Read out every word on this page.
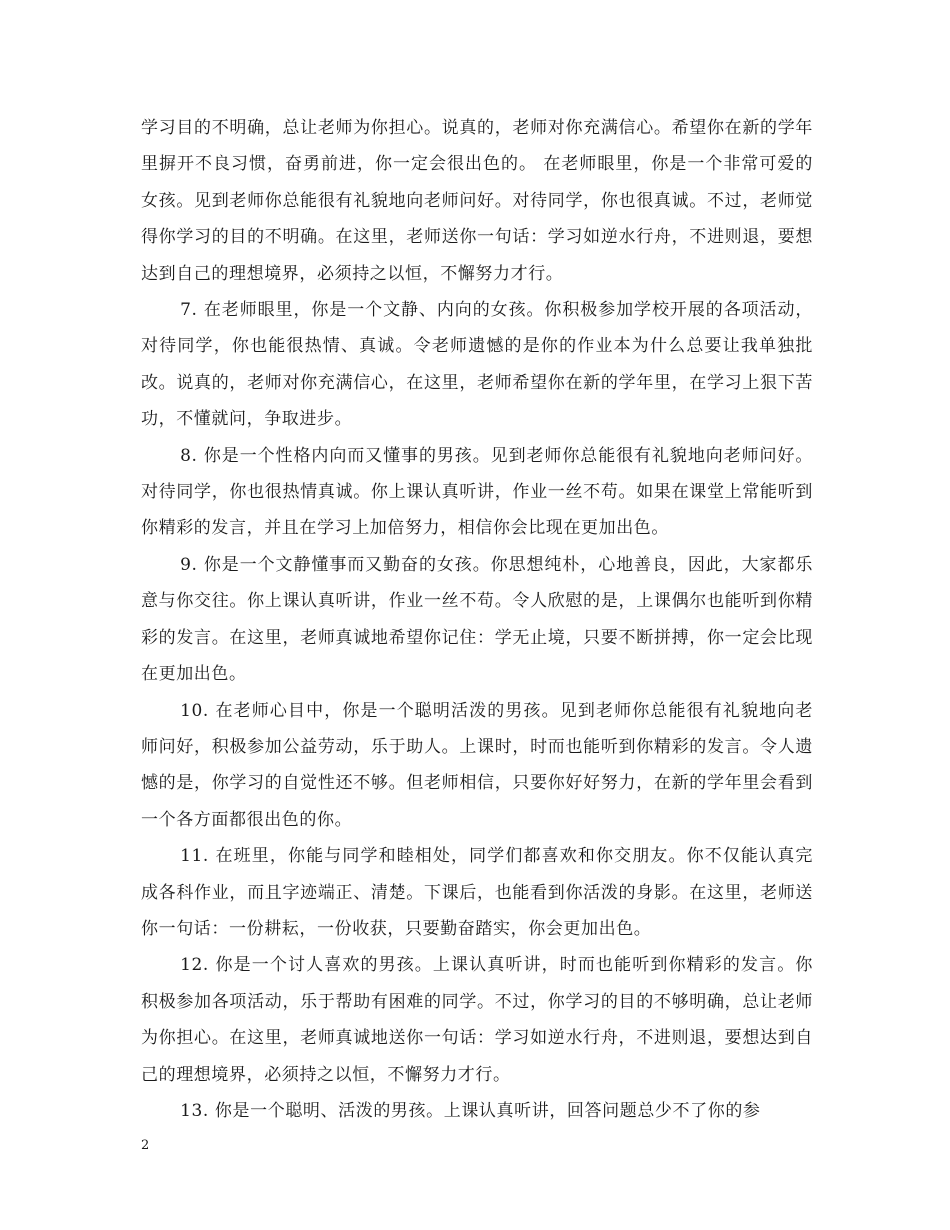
学习目的不明确，总让老师为你担心。说真的，老师对你充满信心。希望你在新的学年里摒开不良习惯，奋勇前进，你一定会很出色的。 在老师眼里，你是一个非常可爱的女孩。见到老师你总能很有礼貌地向老师问好。对待同学，你也很真诚。不过，老师觉得你学习的目的不明确。在这里，老师送你一句话：学习如逆水行舟，不进则退，要想达到自己的理想境界，必须持之以恒，不懈努力才行。

7. 在老师眼里，你是一个文静、内向的女孩。你积极参加学校开展的各项活动，对待同学，你也能很热情、真诚。令老师遗憾的是你的作业本为什么总要让我单独批改。说真的，老师对你充满信心，在这里，老师希望你在新的学年里，在学习上狠下苦功，不懂就问，争取进步。

8. 你是一个性格内向而又懂事的男孩。见到老师你总能很有礼貌地向老师问好。对待同学，你也很热情真诚。你上课认真听讲，作业一丝不苟。如果在课堂上常能听到你精彩的发言，并且在学习上加倍努力，相信你会比现在更加出色。

9. 你是一个文静懂事而又勤奋的女孩。你思想纯朴，心地善良，因此，大家都乐意与你交往。你上课认真听讲，作业一丝不苟。令人欣慰的是，上课偶尔也能听到你精彩的发言。在这里，老师真诚地希望你记住：学无止境，只要不断拼搏，你一定会比现在更加出色。

10. 在老师心目中，你是一个聪明活泼的男孩。见到老师你总能很有礼貌地向老师问好，积极参加公益劳动，乐于助人。上课时，时而也能听到你精彩的发言。令人遗憾的是，你学习的自觉性还不够。但老师相信，只要你好好努力，在新的学年里会看到一个各方面都很出色的你。

11. 在班里，你能与同学和睦相处，同学们都喜欢和你交朋友。你不仅能认真完成各科作业，而且字迹端正、清楚。下课后，也能看到你活泼的身影。在这里，老师送你一句话：一份耕耘，一份收获，只要勤奋踏实，你会更加出色。

12. 你是一个讨人喜欢的男孩。上课认真听讲，时而也能听到你精彩的发言。你积极参加各项活动，乐于帮助有困难的同学。不过，你学习的目的不够明确，总让老师为你担心。在这里，老师真诚地送你一句话：学习如逆水行舟，不进则退，要想达到自己的理想境界，必须持之以恒，不懈努力才行。

13. 你是一个聪明、活泼的男孩。上课认真听讲，回答问题总少不了你的参

2
